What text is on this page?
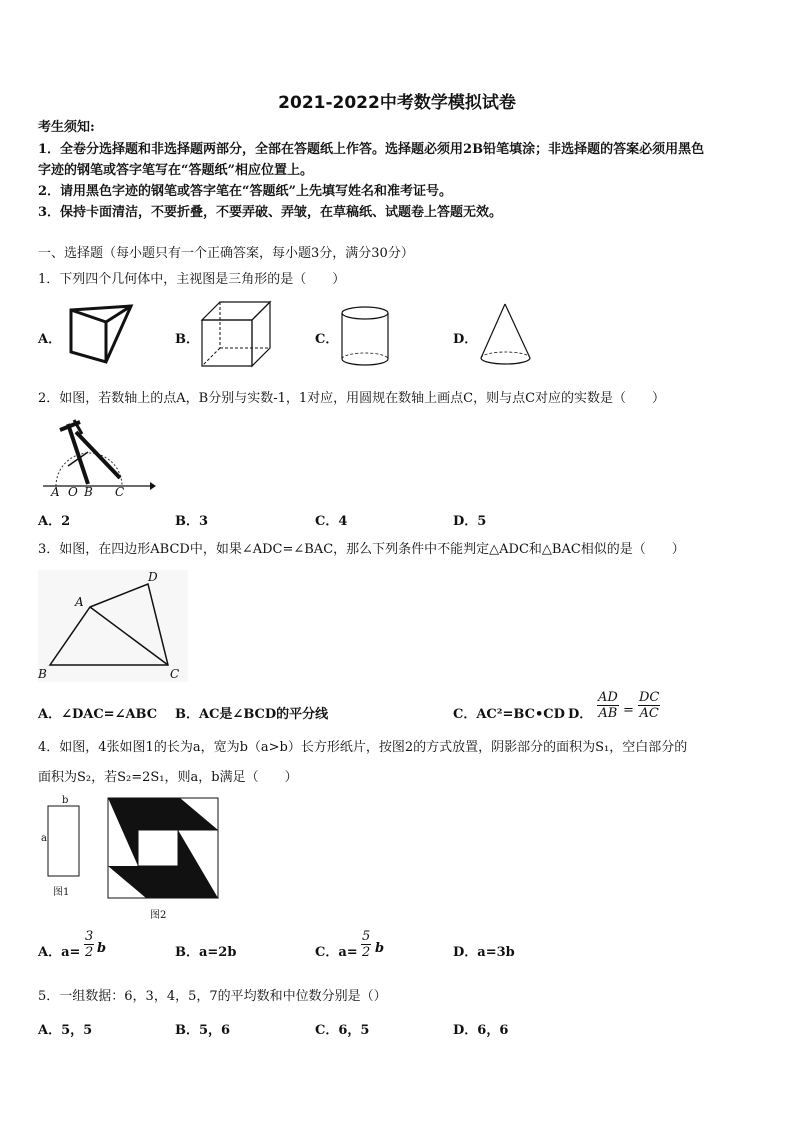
2021-2022中考数学模拟试卷
考生须知:
1．全卷分选择题和非选择题两部分，全部在答题纸上作答。选择题必须用2B铅笔填涂；非选择题的答案必须用黑色
字迹的钢笔或答字笔写在“答题纸”相应位置上。
2．请用黑色字迹的钢笔或答字笔在“答题纸”上先填写姓名和准考证号。
3．保持卡面清洁，不要折叠，不要弄破、弄皱，在草稿纸、试题卷上答题无效。
一、选择题（每小题只有一个正确答案，每小题3分，满分30分）
1．下列四个几何体中，主视图是三角形的是（　　）
A．	B．	C．	D．
2．如图，若数轴上的点A，B分别与实数-1，1对应，用圆规在数轴上画点C，则与点C对应的实数是（　　）
A O B C
A．2	B．3	C．4	D．5
3．如图，在四边形ABCD中，如果∠ADC=∠BAC，那么下列条件中不能判定△ADC和△BAC相似的是（　　）
A
B	C
D
A．∠DAC=∠ABC B．AC是∠BCD的平分线	C．AC²=BC•CD D． $\frac{AD}{AB} = \frac{DC}{AC}$
4．如图，4张如图1的长为a，宽为b（a>b）长方形纸片，按图2的方式放置，阴影部分的面积为S₁，空白部分的
面积为S₂，若S₂=2S₁，则a，b满足（　　）
b
a
图1
图2
A．$a= \frac{3}{2}$ b	B．a=2b	C．$a= \frac{5}{2}$ b	D．a=3b
5．一组数据：6，3，4，5，7的平均数和中位数分别是（）
A．5，5	B．5，6	C．6，5	D．6，6
